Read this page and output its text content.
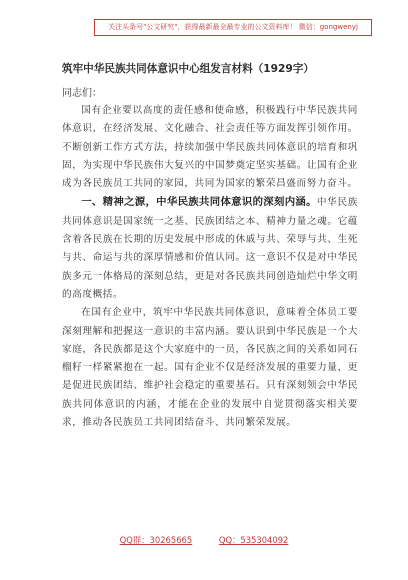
关注头条号"公文研究"，获得最新最全最专业的公文资料库！ 微信：gongwenyj
筑牢中华民族共同体意识中心组发言材料（1929字）
同志们：

国有企业要以高度的责任感和使命感，积极践行中华民族共同体意识，在经济发展、文化融合、社会责任等方面发挥引领作用。不断创新工作方式方法，持续加强中华民族共同体意识的培育和巩固，为实现中华民族伟大复兴的中国梦奠定坚实基础。让国有企业成为各民族员工共同的家园，共同为国家的繁荣昌盛而努力奋斗。

一、精神之源，中华民族共同体意识的深刻内涵。中华民族共同体意识是国家统一之基、民族团结之本、精神力量之魂。它蕴含着各民族在长期的历史发展中形成的休戚与共、荣辱与共、生死与共、命运与共的深厚情感和价值认同。这一意识不仅是对中华民族多元一体格局的深刻总结，更是对各民族共同创造灿烂中华文明的高度概括。

在国有企业中，筑牢中华民族共同体意识，意味着全体员工要深刻理解和把握这一意识的丰富内涵。要认识到中华民族是一个大家庭，各民族都是这个大家庭中的一员，各民族之间的关系如同石榴籽一样紧紧抱在一起。国有企业不仅是经济发展的重要力量，更是促进民族团结、维护社会稳定的重要基石。只有深刻领会中华民族共同体意识的内涵，才能在企业的发展中自觉贯彻落实相关要求，推动各民族员工共同团结奋斗、共同繁荣发展。

QQ群：30265665	QQ：535304092
